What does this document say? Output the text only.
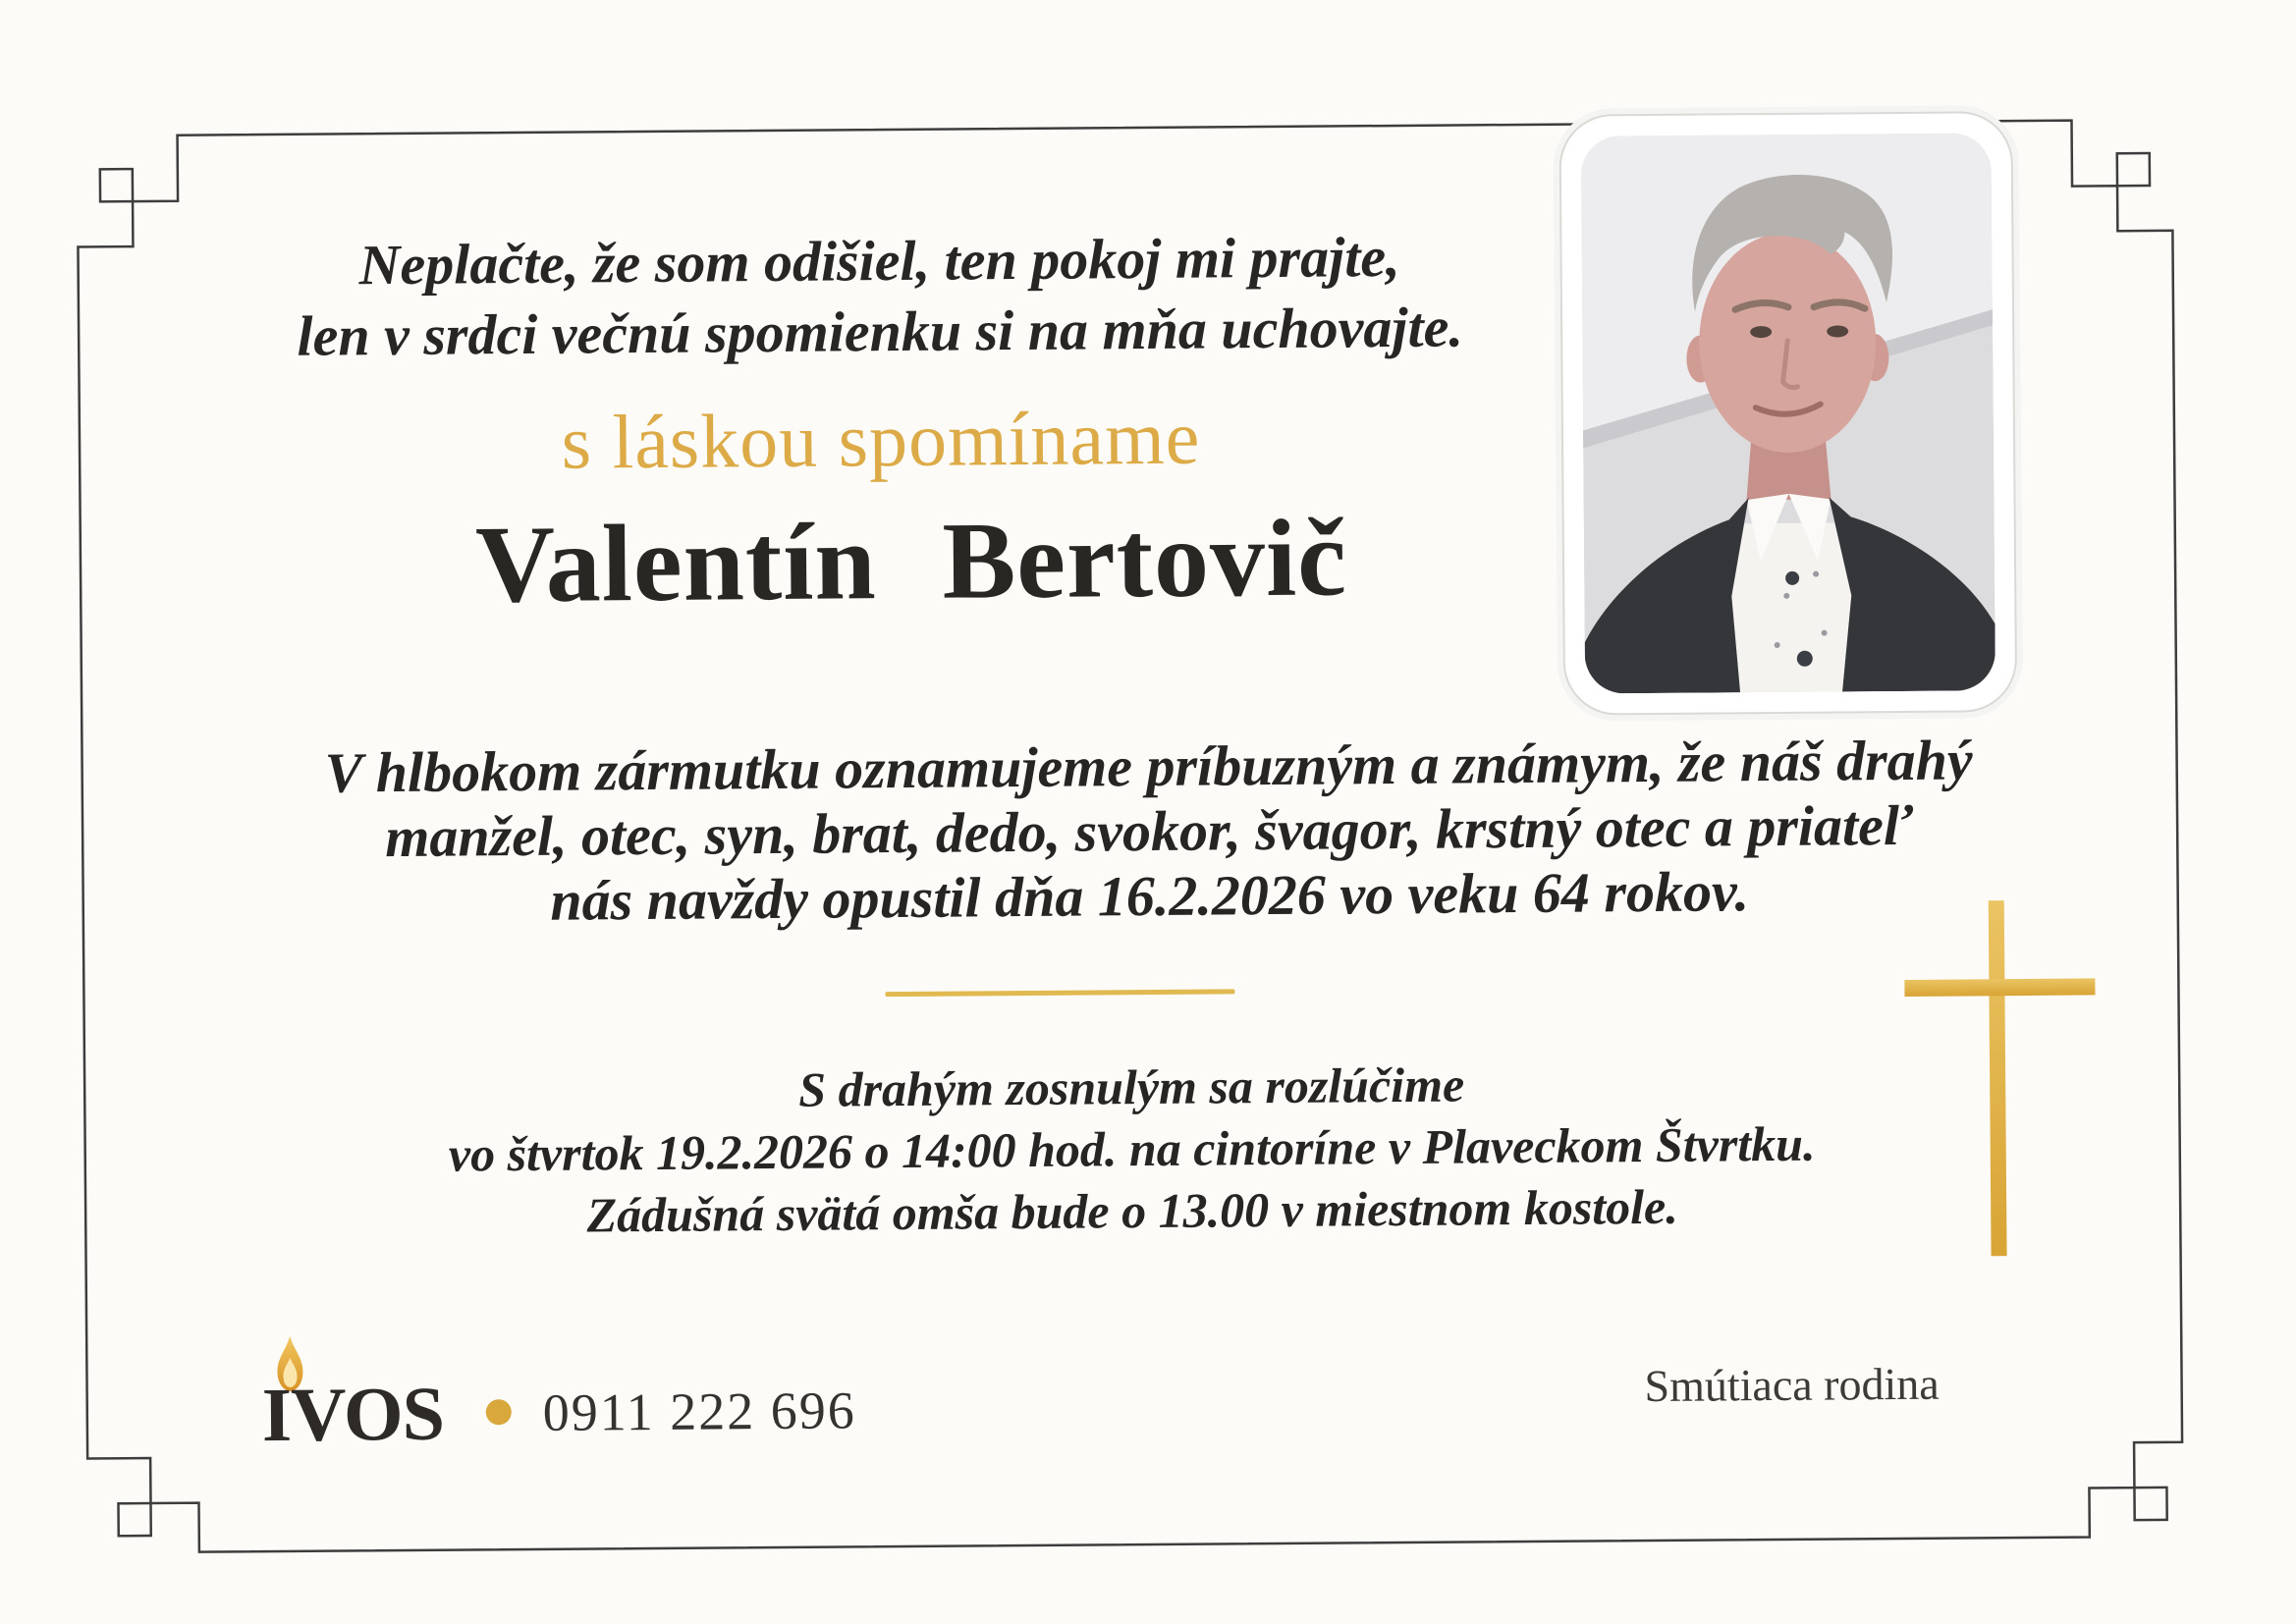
Neplačte, že som odišiel, ten pokoj mi prajte,
len v srdci večnú spomienku si na mňa uchovajte.
s láskou spomíname
Valentín Bertovič
V hlbokom zármutku oznamujeme príbuzným a známym, že náš drahý
manžel, otec, syn, brat, dedo, svokor, švagor, krstný otec a priateľ
nás navždy opustil dňa 16.2.2026 vo veku 64 rokov.
S drahým zosnulým sa rozlúčime
vo štvrtok 19.2.2026 o 14:00 hod. na cintoríne v Plaveckom Štvrtku.
Zádušná svätá omša bude o 13.00 v miestnom kostole.
IVOS 0911 222 696	Smútiaca rodina
